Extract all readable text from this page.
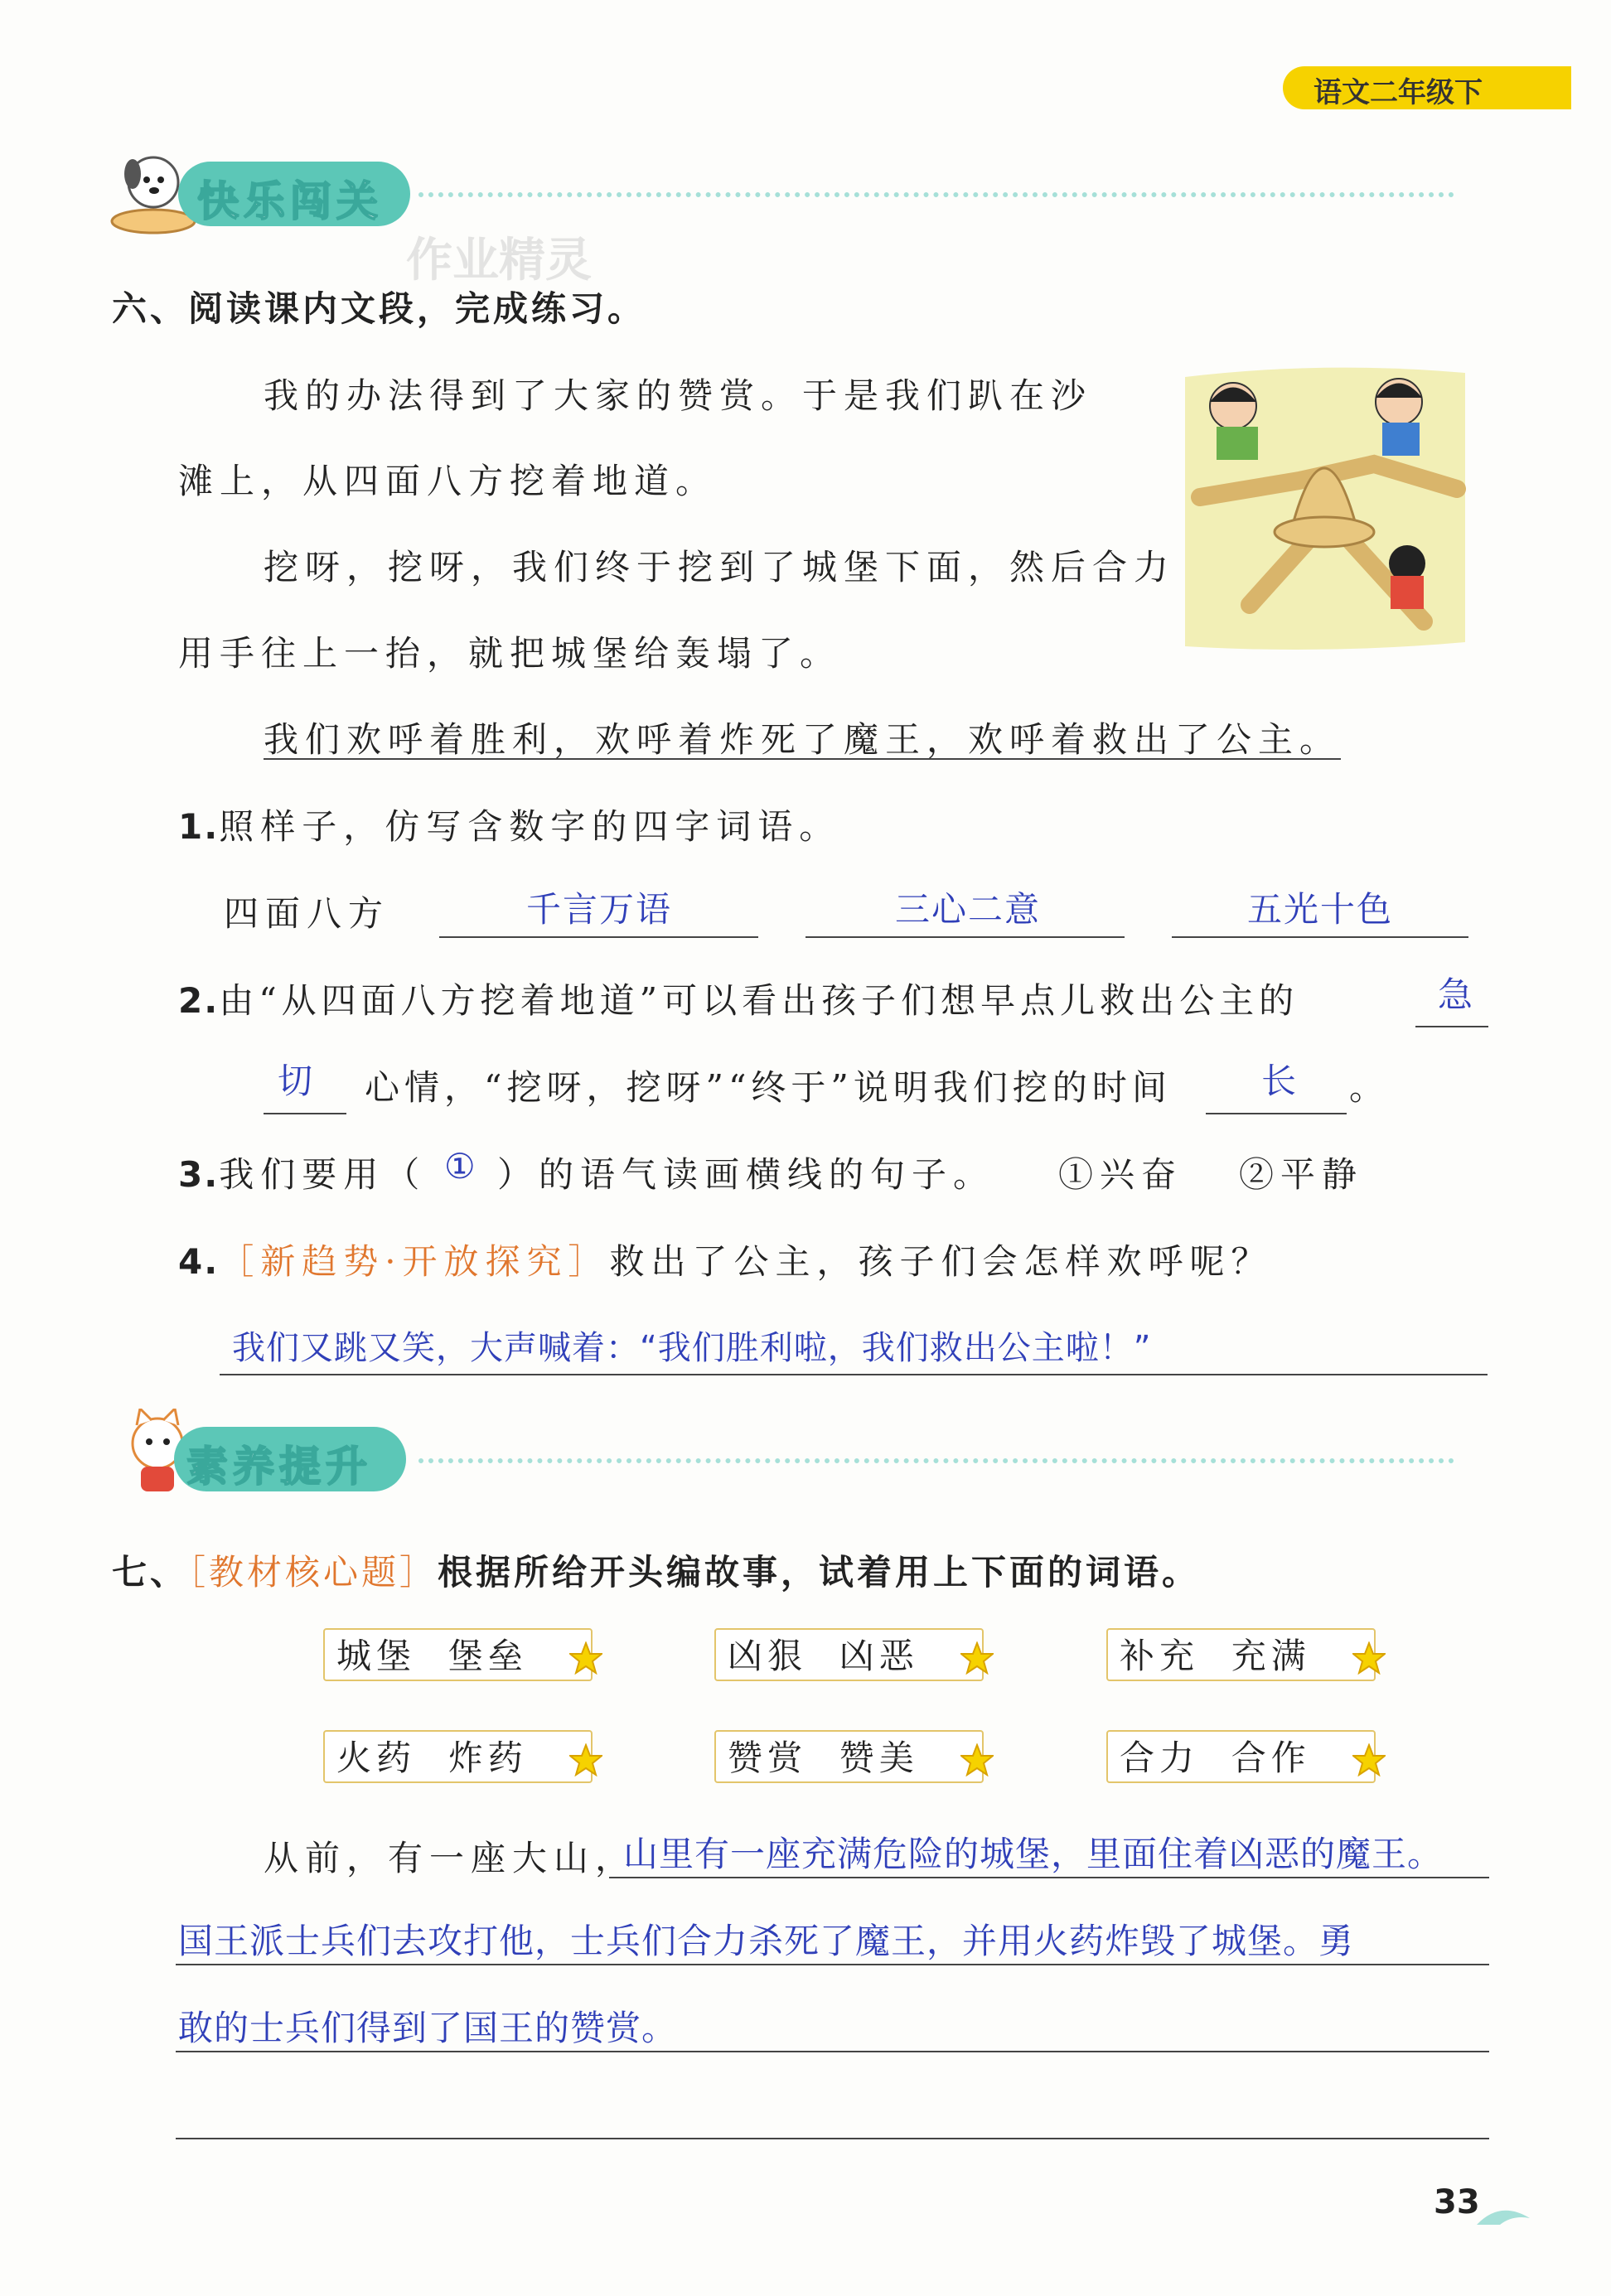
语文二年级下
快乐闯关
作业精灵
六、阅读课内文段，完成练习。
我的办法得到了大家的赞赏。于是我们趴在沙
滩上，从四面八方挖着地道。
挖呀，挖呀，我们终于挖到了城堡下面，然后合力
用手往上一抬，就把城堡给轰塌了。
我们欢呼着胜利，欢呼着炸死了魔王，欢呼着救出了公主。
1.照样子，仿写含数字的四字词语。
四面八方	千言万语	三心二意	五光十色
2.由“从四面八方挖着地道”可以看出孩子们想早点儿救出公主的	急
切 心情，“挖呀，挖呀”“终于”说明我们挖的时间	长 。
3.我们要用（ ① ）的语气读画横线的句子。 ①兴奋 ②平静
4.［新趋势·开放探究］救出了公主，孩子们会怎样欢呼呢？
我们又跳又笑，大声喊着：“我们胜利啦，我们救出公主啦！”
素养提升
七、［教材核心题］根据所给开头编故事，试着用上下面的词语。
城堡 堡垒	凶狠 凶恶	补充 充满
火药 炸药	赞赏 赞美	合力 合作
从前，有一座大山，
山里有一座充满危险的城堡，里面住着凶恶的魔王。
国王派士兵们去攻打他，士兵们合力杀死了魔王，并用火药炸毁了城堡。勇
敢的士兵们得到了国王的赞赏。
33
